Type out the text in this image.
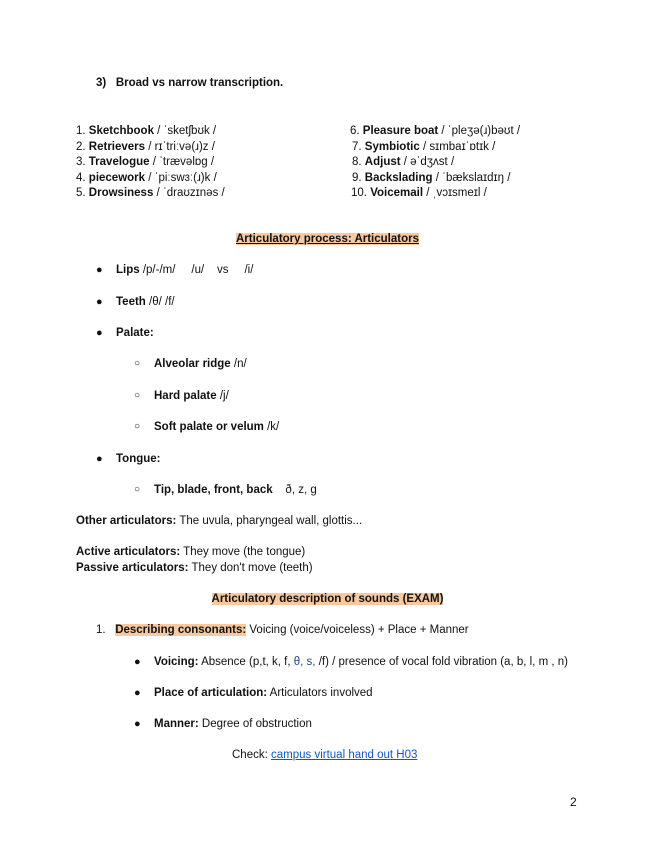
3) Broad vs narrow transcription.
1. Sketchbook / ˈsketʃbʊk /
2. Retrievers / rɪˈtriːvə(ɹ)z /
3. Travelogue / ˈtrævəlɒg /
4. piecework / ˈpiːswɜː(ɹ)k /
5. Drowsiness / ˈdraʊzɪnəs /
6. Pleasure boat / ˈpleʒə(ɹ)bəʊt /
7. Symbiotic / sɪmbaɪˈɒtɪk /
8. Adjust / əˈdʒʌst /
9. Backslading / ˈbækslaɪdɪŋ /
10. Voicemail / ˌvɔɪsmeɪl /
Articulatory process: Articulators
● Lips /p/-/m/     /u/    vs     /i/
● Teeth /θ/ /f/
● Palate:
○ Alveolar ridge /n/
○ Hard palate /j/
○ Soft palate or velum /k/
● Tongue:
○ Tip, blade, front, back    ð, z, g
Other articulators: The uvula, pharyngeal wall, glottis...
Active articulators: They move (the tongue)
Passive articulators: They don't move (teeth)
Articulatory description of sounds (EXAM)
1. Describing consonants: Voicing (voice/voiceless) + Place + Manner
● Voicing: Absence (p,t, k, f, θ, s, /f) / presence of vocal fold vibration (a, b, l, m , n)
● Place of articulation: Articulators involved
● Manner: Degree of obstruction
Check: campus virtual hand out H03
2
